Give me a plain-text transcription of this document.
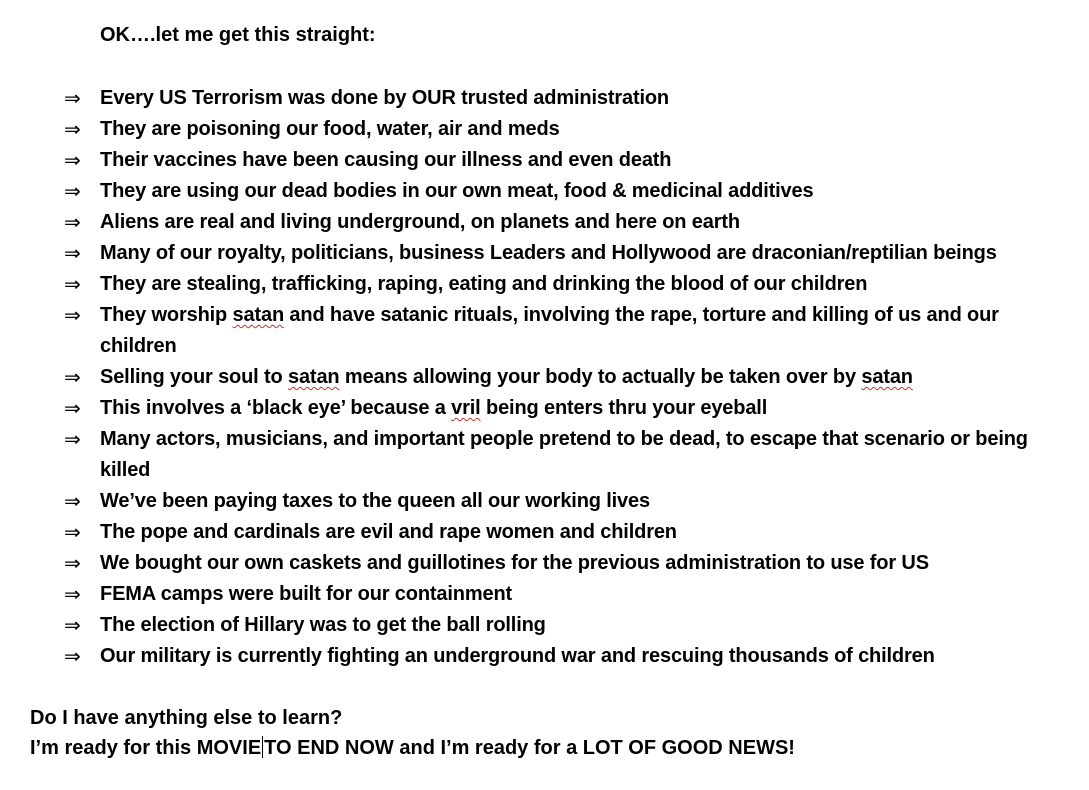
OK….let me get this straight:
⇒ Every US Terrorism was done by OUR trusted administration
⇒ They are poisoning our food, water, air and meds
⇒ Their vaccines have been causing our illness and even death
⇒ They are using our dead bodies in our own meat, food & medicinal additives
⇒ Aliens are real and living underground, on planets and here on earth
⇒ Many of our royalty, politicians, business Leaders and Hollywood are draconian/reptilian beings
⇒ They are stealing, trafficking, raping, eating and drinking the blood of our children
⇒ They worship satan and have satanic rituals, involving the rape, torture and killing of us and our children
⇒ Selling your soul to satan means allowing your body to actually be taken over by satan
⇒ This involves a ‘black eye’ because a vril being enters thru your eyeball
⇒ Many actors, musicians, and important people pretend to be dead, to escape that scenario or being killed
⇒ We’ve been paying taxes to the queen all our working lives
⇒ The pope and cardinals are evil and rape women and children
⇒ We bought our own caskets and guillotines for the previous administration to use for US
⇒ FEMA camps were built for our containment
⇒ The election of Hillary was to get the ball rolling
⇒ Our military is currently fighting an underground war and rescuing thousands of children
Do I have anything else to learn?
I’m ready for this MOVIE TO END NOW and I’m ready for a LOT OF GOOD NEWS!
